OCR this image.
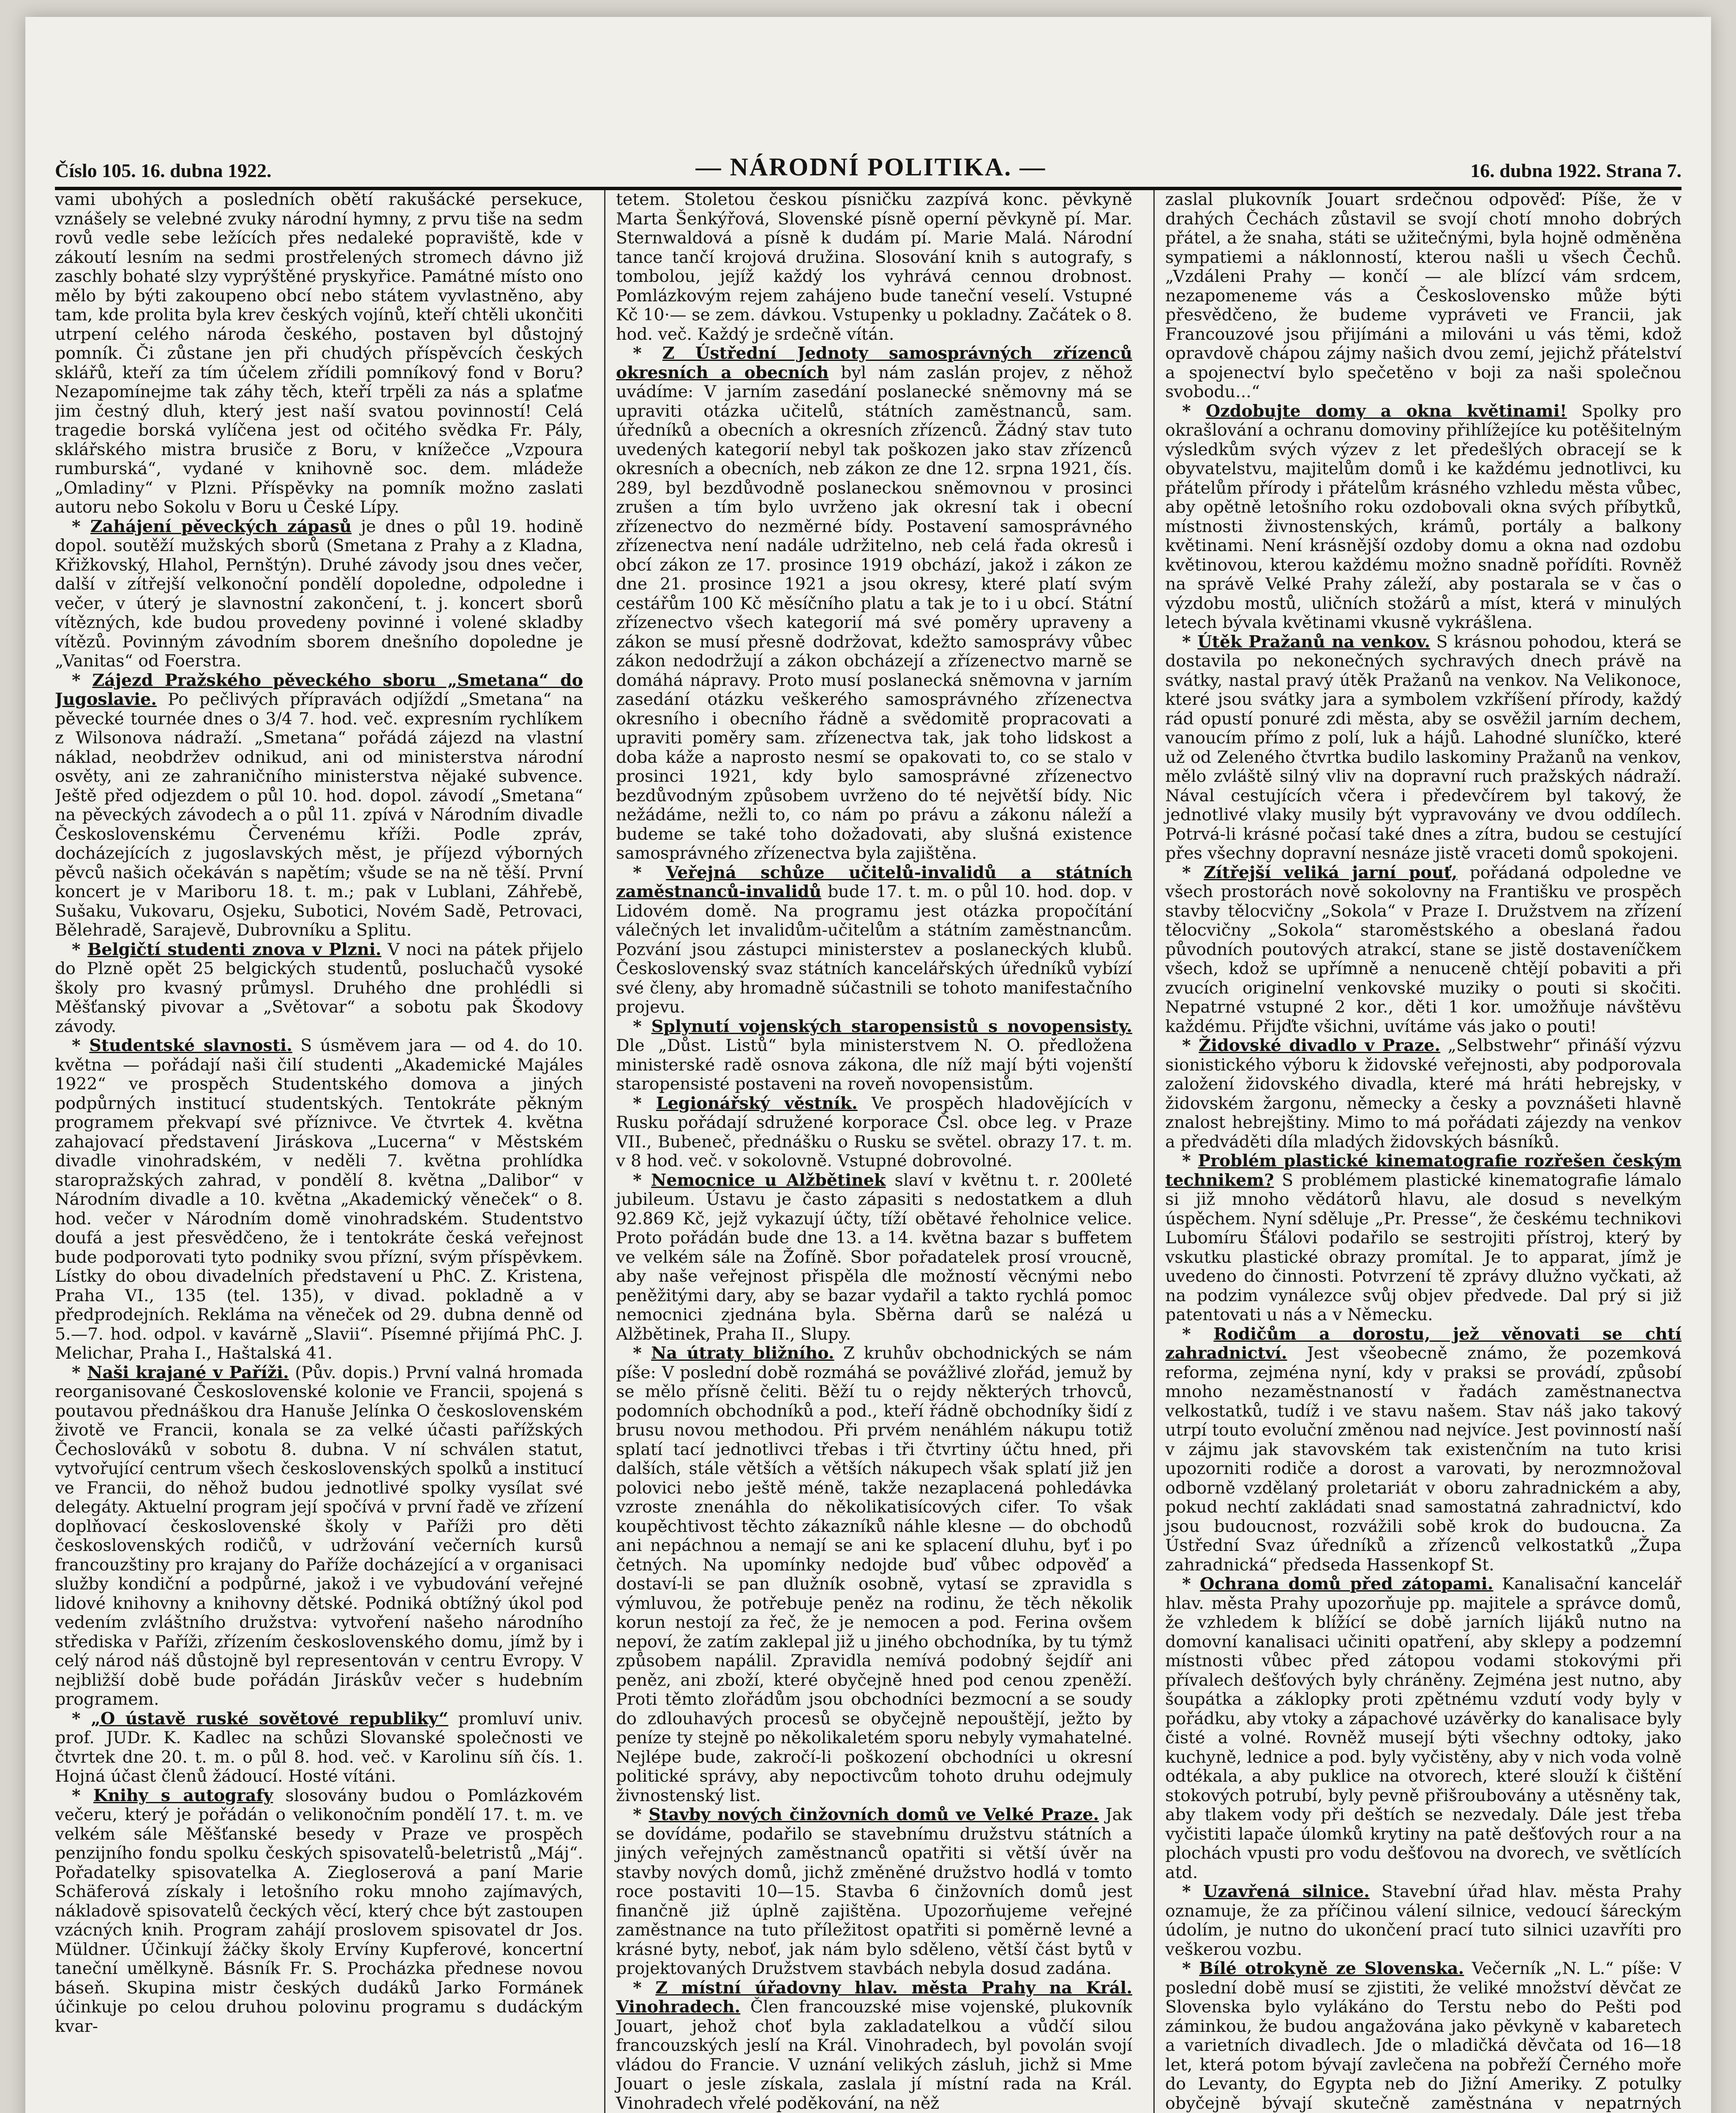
Číslo 105. 16. dubna 1922.	— NÁRODNÍ POLITIKA. —	16. dubna 1922. Strana 7.

vami ubohých a posledních obětí rakušácké persekuce, vznášely se velebné zvuky národní hymny, z prvu tiše na sedm rovů vedle sebe ležících přes nedaleké popraviště, kde v zákoutí lesním na sedmi prostřelených stromech dávno již zaschly bohaté slzy vyprýštěné pryskyřice. Památné místo ono mělo by býti zakoupeno obcí nebo státem vyvlastněno, aby tam, kde prolita byla krev českých vojínů, kteří chtěli ukončiti utrpení celého národa českého, postaven byl důstojný pomník. Či zůstane jen při chudých příspěvcích českých sklářů, kteří za tím účelem zřídili pomníkový fond v Boru? Nezapomínejme tak záhy těch, kteří trpěli za nás a splaťme jim čestný dluh, který jest naší svatou povinností! Celá tragedie borská vylíčena jest od očitého svědka Fr. Pály, sklářského mistra brusiče z Boru, v knížečce „Vzpoura rumburská“, vydané v knihovně soc. dem. mládeže „Omladiny“ v Plzni. Příspěvky na pomník možno zaslati autoru nebo Sokolu v Boru u České Lípy.

* Zahájení pěveckých zápasů je dnes o půl 19. hodině dopol. soutěží mužských sborů (Smetana z Prahy a z Kladna, Křižkovský, Hlahol, Pernštýn). Druhé závody jsou dnes večer, další v zítřejší velkonoční pondělí dopoledne, odpoledne i večer, v úterý je slavnostní zakončení, t. j. koncert sborů vítězných, kde budou provedeny povinné i volené skladby vítězů. Povinným závodním sborem dnešního dopoledne je „Vanitas“ od Foerstra.

* Zájezd Pražského pěveckého sboru „Smetana“ do Jugoslavie. Po pečlivých přípravách odjíždí „Smetana“ na pěvecké tournée dnes o 3/4 7. hod. več. expresním rychlíkem z Wilsonova nádraží. „Smetana“ pořádá zájezd na vlastní náklad, neobdržev odnikud, ani od ministerstva národní osvěty, ani ze zahraničního ministerstva nějaké subvence. Ještě před odjezdem o půl 10. hod. dopol. závodí „Smetana“ na pěveckých závodech a o půl 11. zpívá v Národním divadle Československému Červenému kříži. Podle zpráv, docházejících z jugoslavských měst, je příjezd výborných pěvců našich očekáván s napětím; všude se na ně těší. První koncert je v Mariboru 18. t. m.; pak v Lublani, Záhřebě, Sušaku, Vukovaru, Osjeku, Subotici, Novém Sadě, Petrovaci, Bělehradě, Sarajevě, Dubrovníku a Splitu.

* Belgičtí studenti znova v Plzni. V noci na pátek přijelo do Plzně opět 25 belgických studentů, posluchačů vysoké školy pro kvasný průmysl. Druhého dne prohlédli si Měšťanský pivovar a „Světovar“ a sobotu pak Škodovy závody.

* Studentské slavnosti. S úsměvem jara — od 4. do 10. května — pořádají naši čilí studenti „Akademické Majáles 1922“ ve prospěch Studentského domova a jiných podpůrných institucí studentských. Tentokráte pěkným programem překvapí své příznivce. Ve čtvrtek 4. května zahajovací představení Jiráskova „Lucerna“ v Městském divadle vinohradském, v neděli 7. května prohlídka staropražských zahrad, v pondělí 8. května „Dalibor“ v Národním divadle a 10. května „Akademický věneček“ o 8. hod. večer v Národním domě vinohradském. Studentstvo doufá a jest přesvědčeno, že i tentokráte česká veřejnost bude podporovati tyto podniky svou přízní, svým příspěvkem. Lístky do obou divadelních představení u PhC. Z. Kristena, Praha VI., 135 (tel. 135), v divad. pokladně a v předprodejních. Rekláma na věneček od 29. dubna denně od 5.—7. hod. odpol. v kavárně „Slavii“. Písemné přijímá PhC. J. Melichar, Praha I., Haštalská 41.

* Naši krajané v Paříži. (Pův. dopis.) První valná hromada reorganisované Československé kolonie ve Francii, spojená s poutavou přednáškou dra Hanuše Jelínka O československém životě ve Francii, konala se za velké účasti pařížských Čechoslováků v sobotu 8. dubna. V ní schválen statut, vytvořující centrum všech československých spolků a institucí ve Francii, do něhož budou jednotlivé spolky vysílat své delegáty. Aktuelní program její spočívá v první řadě ve zřízení doplňovací československé školy v Paříži pro děti československých rodičů, v udržování večerních kursů francouzštiny pro krajany do Paříže docházející a v organisaci služby kondiční a podpůrné, jakož i ve vybudování veřejné lidové knihovny a knihovny dětské. Podniká obtížný úkol pod vedením zvláštního družstva: vytvoření našeho národního střediska v Paříži, zřízením československého domu, jímž by i celý národ náš důstojně byl representován v centru Evropy. V nejbližší době bude pořádán Jiráskův večer s hudebním programem.

* „O ústavě ruské sovětové republiky“ promluví univ. prof. JUDr. K. Kadlec na schůzi Slovanské společnosti ve čtvrtek dne 20. t. m. o půl 8. hod. več. v Karolinu síň čís. 1. Hojná účast členů žádoucí. Hosté vítáni.

* Knihy s autografy slosovány budou o Pomlázkovém večeru, který je pořádán o velikonočním pondělí 17. t. m. ve velkém sále Měšťanské besedy v Praze ve prospěch penzijního fondu spolku českých spisovatelů-beletristů „Máj“. Pořadatelky spisovatelka A. Ziegloserová a paní Marie Schäferová získaly i letošního roku mnoho zajímavých, nákladově spisovatelů čeckých věcí, který chce být zastoupen vzácných knih. Program zahájí proslovem spisovatel dr Jos. Müldner. Účinkují žáčky školy Ervíny Kupferové, koncertní taneční umělkyně. Básník Fr. S. Procházka přednese novou báseň. Skupina mistr českých dudáků Jarko Formánek účinkuje po celou druhou polovinu programu s dudáckým kvar-

tetem. Stoletou českou písničku zazpívá konc. pěvkyně Marta Šenkýřová, Slovenské písně operní pěvkyně pí. Mar. Sternwaldová a písně k dudám pí. Marie Malá. Národní tance tančí krojová družina. Slosování knih s autografy, s tombolou, jejíž každý los vyhrává cennou drobnost. Pomlázkovým rejem zahájeno bude taneční veselí. Vstupné Kč 10·— se zem. dávkou. Vstupenky u pokladny. Začátek o 8. hod. več. Každý je srdečně vítán.

* Z Ústřední Jednoty samosprávných zřízenců okresních a obecních byl nám zaslán projev, z něhož uvádíme: V jarním zasedání poslanecké sněmovny má se upraviti otázka učitelů, státních zaměstnanců, sam. úředníků a obecních a okresních zřízenců. Žádný stav tuto uvedených kategorií nebyl tak poškozen jako stav zřízenců okresních a obecních, neb zákon ze dne 12. srpna 1921, čís. 289, byl bezdůvodně poslaneckou sněmovnou v prosinci zrušen a tím bylo uvrženo jak okresní tak i obecní zřízenectvo do nezměrné bídy. Postavení samosprávného zřízenectva není nadále udržitelno, neb celá řada okresů i obcí zákon ze 17. prosince 1919 obchází, jakož i zákon ze dne 21. prosince 1921 a jsou okresy, které platí svým cestářům 100 Kč měsíčního platu a tak je to i u obcí. Státní zřízenectvo všech kategorií má své poměry upraveny a zákon se musí přesně dodržovat, kdežto samosprávy vůbec zákon nedodržují a zákon obcházejí a zřízenectvo marně se domáhá nápravy. Proto musí poslanecká sněmovna v jarním zasedání otázku veškerého samosprávného zřízenectva okresního i obecního řádně a svědomitě propracovati a upraviti poměry sam. zřízenectva tak, jak toho lidskost a doba káže a naprosto nesmí se opakovati to, co se stalo v prosinci 1921, kdy bylo samosprávné zřízenectvo bezdůvodným způsobem uvrženo do té největší bídy. Nic nežádáme, nežli to, co nám po právu a zákonu náleží a budeme se také toho dožadovati, aby slušná existence samosprávného zřízenectva byla zajištěna.

* Veřejná schůze učitelů-invalidů a státních zaměstnanců-invalidů bude 17. t. m. o půl 10. hod. dop. v Lidovém domě. Na programu jest otázka propočítání válečných let invalidům-učitelům a státním zaměstnancům. Pozvání jsou zástupci ministerstev a poslaneckých klubů. Československý svaz státních kancelářských úředníků vybízí své členy, aby hromadně súčastnili se tohoto manifestačního projevu.

* Splynutí vojenských staropensistů s novopensisty. Dle „Důst. Listů“ byla ministerstvem N. O. předložena ministerské radě osnova zákona, dle níž mají býti vojenští staropensisté postaveni na roveň novopensistům.

* Legionářský věstník. Ve prospěch hladovějících v Rusku pořádají sdružené korporace Čsl. obce leg. v Praze VII., Bubeneč, přednášku o Rusku se světel. obrazy 17. t. m. v 8 hod. več. v sokolovně. Vstupné dobrovolné.

* Nemocnice u Alžbětinek slaví v květnu t. r. 200leté jubileum. Ústavu je často zápasiti s nedostatkem a dluh 92.869 Kč, jejž vykazují účty, tíží obětavé řeholnice velice. Proto pořádán bude dne 13. a 14. května bazar s buffetem ve velkém sále na Žofíně. Sbor pořadatelek prosí vroucně, aby naše veřejnost přispěla dle možností věcnými nebo peněžitými dary, aby se bazar vydařil a takto rychlá pomoc nemocnici zjednána byla. Sběrna darů se nalézá u Alžbětinek, Praha II., Slupy.

* Na útraty bližního. Z kruhův obchodnických se nám píše: V poslední době rozmáhá se povážlivé zlořád, jemuž by se mělo přísně čeliti. Běží tu o rejdy některých trhovců, podomních obchodníků a pod., kteří řádně obchodníky šidí z brusu novou methodou. Při prvém nenáhlém nákupu totiž splatí tací jednotlivci třebas i tři čtvrtiny účtu hned, při dalších, stále větších a větších nákupech však splatí již jen polovici nebo ještě méně, takže nezaplacená pohledávka vzroste znenáhla do několikatisícových cifer. To však koupěchtivost těchto zákazníků náhle klesne — do obchodů ani nepáchnou a nemají se ani ke splacení dluhu, byť i po četných. Na upomínky nedojde buď vůbec odpověď a dostaví-li se pan dlužník osobně, vytasí se zpravidla s výmluvou, že potřebuje peněz na rodinu, že těch několik korun nestojí za řeč, že je nemocen a pod. Ferina ovšem nepoví, že zatím zaklepal již u jiného obchodníka, by tu týmž způsobem napálil. Zpravidla nemívá podobný šejdíř ani peněz, ani zboží, které obyčejně hned pod cenou zpeněží. Proti těmto zlořádům jsou obchodníci bezmocní a se soudy do zdlouhavých procesů se obyčejně nepouštějí, ježto by peníze ty stejně po několikaletém sporu nebyly vymahatelné. Nejlépe bude, zakročí-li poškození obchodníci u okresní politické správy, aby nepoctivcům tohoto druhu odejmuly živnostenský list.

* Stavby nových činžovních domů ve Velké Praze. Jak se dovídáme, podařilo se stavebnímu družstvu státních a jiných veřejných zaměstnanců opatřiti si větší úvěr na stavby nových domů, jichž změněné družstvo hodlá v tomto roce postaviti 10—15. Stavba 6 činžovních domů jest finančně již úplně zajištěna. Upozorňujeme veřejné zaměstnance na tuto příležitost opatřiti si poměrně levné a krásné byty, neboť, jak nám bylo sděleno, větší část bytů v projektovaných Družstvem stavbách nebyla dosud zadána.

* Z místní úřadovny hlav. města Prahy na Král. Vinohradech. Člen francouzské mise vojenské, plukovník Jouart, jehož choť byla zakladatelkou a vůdčí silou francouzských jeslí na Král. Vinohradech, byl povolán svojí vládou do Francie. V uznání velikých zásluh, jichž si Mme Jouart o jesle získala, zaslala jí místní rada na Král. Vinohradech vřelé poděkování, na něž

zaslal plukovník Jouart srdečnou odpověď: Píše, že v drahých Čechách zůstavil se svojí chotí mnoho dobrých přátel, a že snaha, státi se užitečnými, byla hojně odměněna sympatiemi a náklonností, kterou našli u všech Čechů. „Vzdáleni Prahy — končí — ale blízcí vám srdcem, nezapomeneme vás a Československo může býti přesvědčeno, že budeme vypráveti ve Francii, jak Francouzové jsou přijímáni a milováni u vás těmi, kdož opravdově chápou zájmy našich dvou zemí, jejichž přátelství a spojenectví bylo spečetěno v boji za naši společnou svobodu...“

* Ozdobujte domy a okna květinami! Spolky pro okrašlování a ochranu domoviny přihlížejíce ku potěšitelným výsledkům svých výzev z let předešlých obracejí se k obyvatelstvu, majitelům domů i ke každému jednotlivci, ku přátelům přírody i přátelům krásného vzhledu města vůbec, aby opětně letošního roku ozdobovali okna svých příbytků, místnosti živnostenských, krámů, portály a balkony květinami. Není krásnější ozdoby domu a okna nad ozdobu květinovou, kterou každému možno snadně pořídíti. Rovněž na správě Velké Prahy záleží, aby postarala se v čas o výzdobu mostů, uličních stožárů a míst, která v minulých letech bývala květinami vkusně vykrášlena.

* Útěk Pražanů na venkov. S krásnou pohodou, která se dostavila po nekonečných sychravých dnech právě na svátky, nastal pravý útěk Pražanů na venkov. Na Velikonoce, které jsou svátky jara a symbolem vzkříšení přírody, každý rád opustí ponuré zdi města, aby se osvěžil jarním dechem, vanoucím přímo z polí, luk a hájů. Lahodné sluníčko, které už od Zeleného čtvrtka budilo laskominy Pražanů na venkov, mělo zvláště silný vliv na dopravní ruch pražských nádraží. Nával cestujících včera i předevčírem byl takový, že jednotlivé vlaky musily být vypravovány ve dvou oddílech. Potrvá-li krásné počasí také dnes a zítra, budou se cestující přes všechny dopravní nesnáze jistě vraceti domů spokojeni.

* Zítřejší veliká jarní pouť, pořádaná odpoledne ve všech prostorách nově sokolovny na Františku ve prospěch stavby tělocvičny „Sokola“ v Praze I. Družstvem na zřízení tělocvičny „Sokola“ staroměstského a obeslaná řadou původních poutových atrakcí, stane se jistě dostaveníčkem všech, kdož se upřímně a nenuceně chtějí pobaviti a při zvucích originelní venkovské muziky o pouti si skočiti. Nepatrné vstupné 2 kor., děti 1 kor. umožňuje návštěvu každému. Přijďte všichni, uvítáme vás jako o pouti!

* Židovské divadlo v Praze. „Selbstwehr“ přináší výzvu sionistického výboru k židovské veřejnosti, aby podporovala založení židovského divadla, které má hráti hebrejsky, v židovském žargonu, německy a česky a povznášeti hlavně znalost hebrejštiny. Mimo to má pořádati zájezdy na venkov a předváděti díla mladých židovských básníků.

* Problém plastické kinematografie rozřešen českým technikem? S problémem plastické kinematografie lámalo si již mnoho vědátorů hlavu, ale dosud s nevelkým úspěchem. Nyní sděluje „Pr. Presse“, že českému technikovi Lubomíru Šťálovi podařilo se sestrojiti přístroj, který by vskutku plastické obrazy promítal. Je to apparat, jímž je uvedeno do činnosti. Potvrzení tě zprávy dlužno vyčkati, až na podzim vynálezce svůj objev předvede. Dal prý si již patentovati u nás a v Německu.

* Rodičům a dorostu, jež věnovati se chtí zahradnictví. Jest všeobecně známo, že pozemková reforma, zejména nyní, kdy v praksi se provádí, způsobí mnoho nezaměstnaností v řadách zaměstnanectva velkostatků, tudíž i ve stavu našem. Stav náš jako takový utrpí touto evoluční změnou nad nejvíce. Jest povinností naší v zájmu jak stavovském tak existenčním na tuto krisi upozorniti rodiče a dorost a varovati, by nerozmnožoval odborně vzdělaný proletariát v oboru zahradnickém a aby, pokud nechtí zakládati snad samostatná zahradnictví, kdo jsou budoucnost, rozvážili sobě krok do budoucna. Za Ústřední Svaz úředníků a zřízenců velkostatků „Župa zahradnická“ předseda Hassenkopf St.

* Ochrana domů před zátopami. Kanalisační kancelář hlav. města Prahy upozorňuje pp. majitele a správce domů, že vzhledem k blížící se době jarních lijáků nutno na domovní kanalisaci učiniti opatření, aby sklepy a podzemní místnosti vůbec před zátopou vodami stokovými při přívalech dešťových byly chráněny. Zejména jest nutno, aby šoupátka a záklopky proti zpětnému vzdutí vody byly v pořádku, aby vtoky a zápachové uzávěrky do kanalisace byly čisté a volné. Rovněž musejí býti všechny odtoky, jako kuchyně, lednice a pod. byly vyčistěny, aby v nich voda volně odtékala, a aby puklice na otvorech, které slouží k čištění stokových potrubí, byly pevně přišroubovány a utěsněny tak, aby tlakem vody při deštích se nezvedaly. Dále jest třeba vyčistiti lapače úlomků krytiny na patě dešťových rour a na plochách vpusti pro vodu dešťovou na dvorech, ve světlících atd.

* Uzavřená silnice. Stavební úřad hlav. města Prahy oznamuje, že za příčinou válení silnice, vedoucí šáreckým údolím, je nutno do ukončení prací tuto silnici uzavříti pro veškerou vozbu.

* Bílé otrokyně ze Slovenska. Večerník „N. L.“ píše: V poslední době musí se zjistiti, že veliké množství děvčat ze Slovenska bylo vylákáno do Terstu nebo do Pešti pod záminkou, že budou angažována jako pěvkyně v kabaretech a varietních divadlech. Jde o mladičká děvčata od 16—18 let, která potom bývají zavlečena na pobřeží Černého moře do Levanty, do Egypta neb do Jižní Ameriky. Z potulky obyčejně bývají skutečně zaměstnána v nepatrných
